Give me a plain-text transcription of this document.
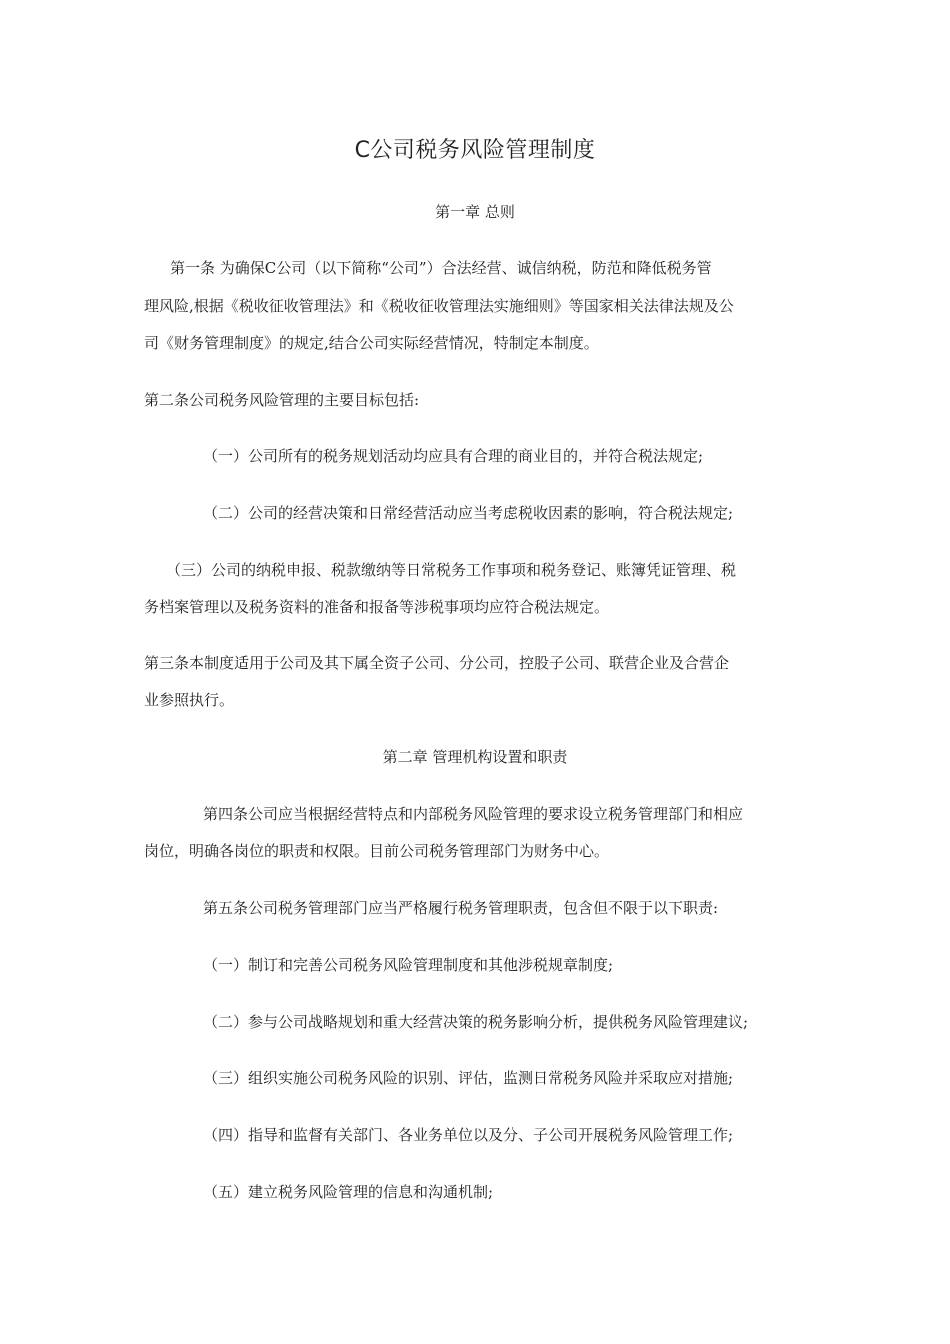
C公司税务风险管理制度
第一章 总则
第一条 为确保C公司（以下简称“公司”）合法经营、诚信纳税，防范和降低税务管
理风险,根据《税收征收管理法》和《税收征收管理法实施细则》等国家相关法律法规及公
司《财务管理制度》的规定,结合公司实际经营情况，特制定本制度。
第二条公司税务风险管理的主要目标包括:
（一）公司所有的税务规划活动均应具有合理的商业目的，并符合税法规定;
（二）公司的经营决策和日常经营活动应当考虑税收因素的影响，符合税法规定;
（三）公司的纳税申报、税款缴纳等日常税务工作事项和税务登记、账簿凭证管理、税
务档案管理以及税务资料的准备和报备等涉税事项均应符合税法规定。
第三条本制度适用于公司及其下属全资子公司、分公司，控股子公司、联营企业及合营企
业参照执行。
第二章 管理机构设置和职责
第四条公司应当根据经营特点和内部税务风险管理的要求设立税务管理部门和相应
岗位，明确各岗位的职责和权限。目前公司税务管理部门为财务中心。
第五条公司税务管理部门应当严格履行税务管理职责，包含但不限于以下职责:
（一）制订和完善公司税务风险管理制度和其他涉税规章制度;
（二）参与公司战略规划和重大经营决策的税务影响分析，提供税务风险管理建议;
（三）组织实施公司税务风险的识别、评估，监测日常税务风险并采取应对措施;
（四）指导和监督有关部门、各业务单位以及分、子公司开展税务风险管理工作;
（五）建立税务风险管理的信息和沟通机制;
